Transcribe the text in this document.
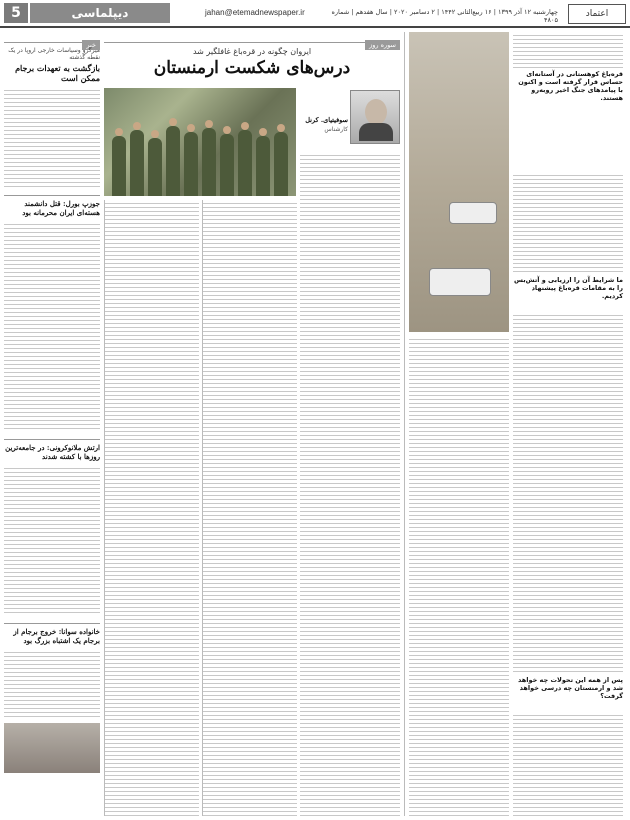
5	دیپلماسی	jahan@etemadnewspaper.ir	چهارشنبه ۱۲ آذر ۱۳۹۹ | ۱۶ ربیع‌الثانی ۱۴۴۲ | ۲ دسامبر ۲۰۲۰ | سال هفدهم | شماره ۴۸۰۵
اعتماد
خبر
میرگرو وسیاسات خارجی اروپا در یک نقطه گذشته
بازگشت به تعهدات برجام ممکن است
جوزپ بورل: قتل دانشمند هسته‌ای ایران محرمانه بود
ارتش ملانوکرونی: در جامعه‌ترین روزها با کشته شدند
خانواده سوانا: خروج برجام از برجام یک اشتباه بزرگ بود
سوره روز
ایروان چگونه در قره‌باغ غافلگیر شد
درس‌های شکست ارمنستان
سوفیتیای. کرنل
کارشناس
قره‌باغ کوهستانی در آستانه‌ای حساس قرار گرفته است و اکنون با پیامدهای جنگ اخیر روبه‌رو هستند.
ما شرایط آن را ارزیابی و آتش‌بس را به مقامات قره‌باغ پیشنهاد کردیم.
پس از همه این تحولات چه خواهد شد و ارمنستان چه درسی خواهد گرفت؟
